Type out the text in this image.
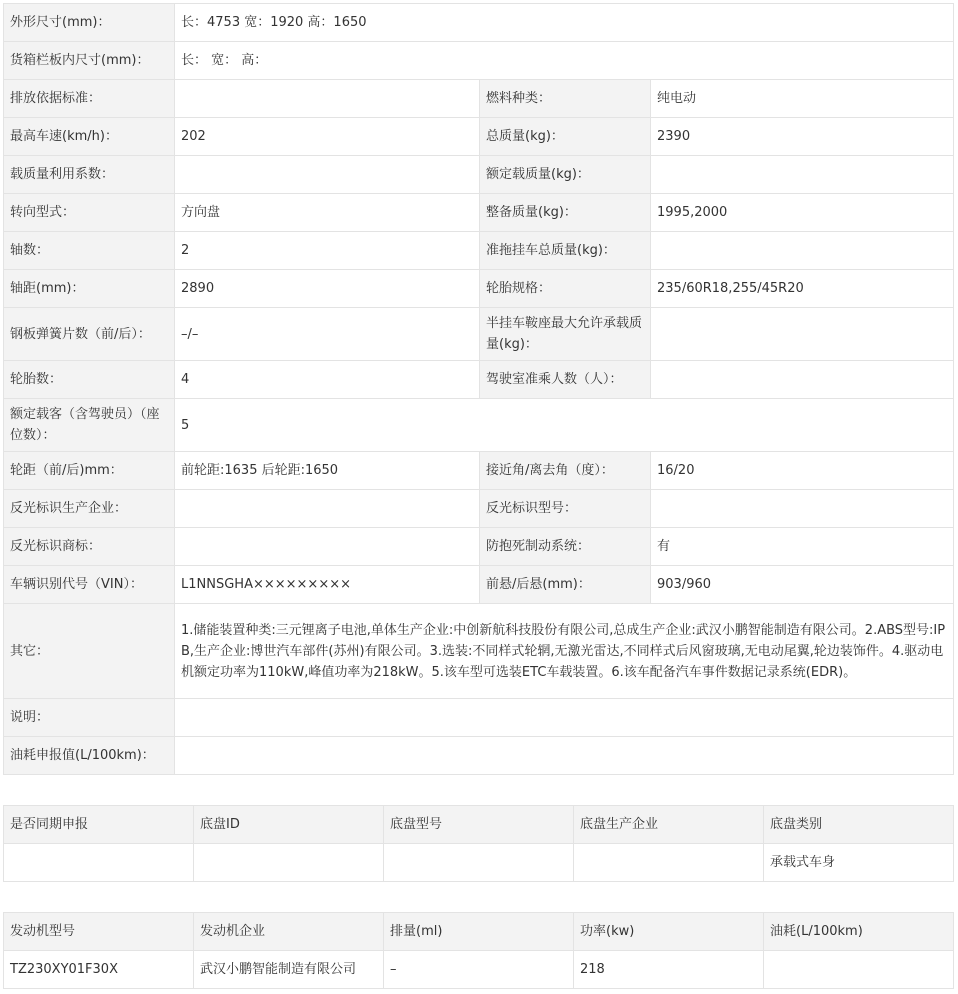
外形尺寸(mm)：	长：4753 宽：1920 高：1650		
货箱栏板内尺寸(mm)：	长： 宽： 高：		
排放依据标准：		燃料种类：	纯电动
最高车速(km/h)：	202	总质量(kg)：	2390
载质量利用系数：		额定载质量(kg)：	
转向型式：	方向盘	整备质量(kg)：	1995,2000
轴数：	2	准拖挂车总质量(kg)：	
轴距(mm)：	2890	轮胎规格：	235/60R18,255/45R20
钢板弹簧片数（前/后）：	–/–	半挂车鞍座最大允许承载质量(kg)：	
轮胎数：	4	驾驶室准乘人数（人）：	
额定载客（含驾驶员）（座位数）：	5		
轮距（前/后)mm：	前轮距:1635 后轮距:1650	接近角/离去角（度）：	16/20
反光标识生产企业：		反光标识型号：	
反光标识商标：		防抱死制动系统：	有
车辆识别代号（VIN）：	L1NNSGHA×××××××××	前悬/后悬(mm)：	903/960
其它：	1.储能装置种类:三元锂离子电池,单体生产企业:中创新航科技股份有限公司,总成生产企业:武汉小鹏智能制造有限公司。2.ABS型号:IPB,生产企业:博世汽车部件(苏州)有限公司。3.选装:不同样式轮辋,无激光雷达,不同样式后风窗玻璃,无电动尾翼,轮边装饰件。4.驱动电机额定功率为110kW,峰值功率为218kW。5.该车型可选装ETC车载装置。6.该车配备汽车事件数据记录系统(EDR)。		
说明：			
油耗申报值(L/100km)：			
是否同期申报	底盘ID	底盘型号	底盘生产企业	底盘类别
				承载式车身
发动机型号	发动机企业	排量(ml)	功率(kw)	油耗(L/100km)
TZ230XY01F30X	武汉小鹏智能制造有限公司	–	218	
